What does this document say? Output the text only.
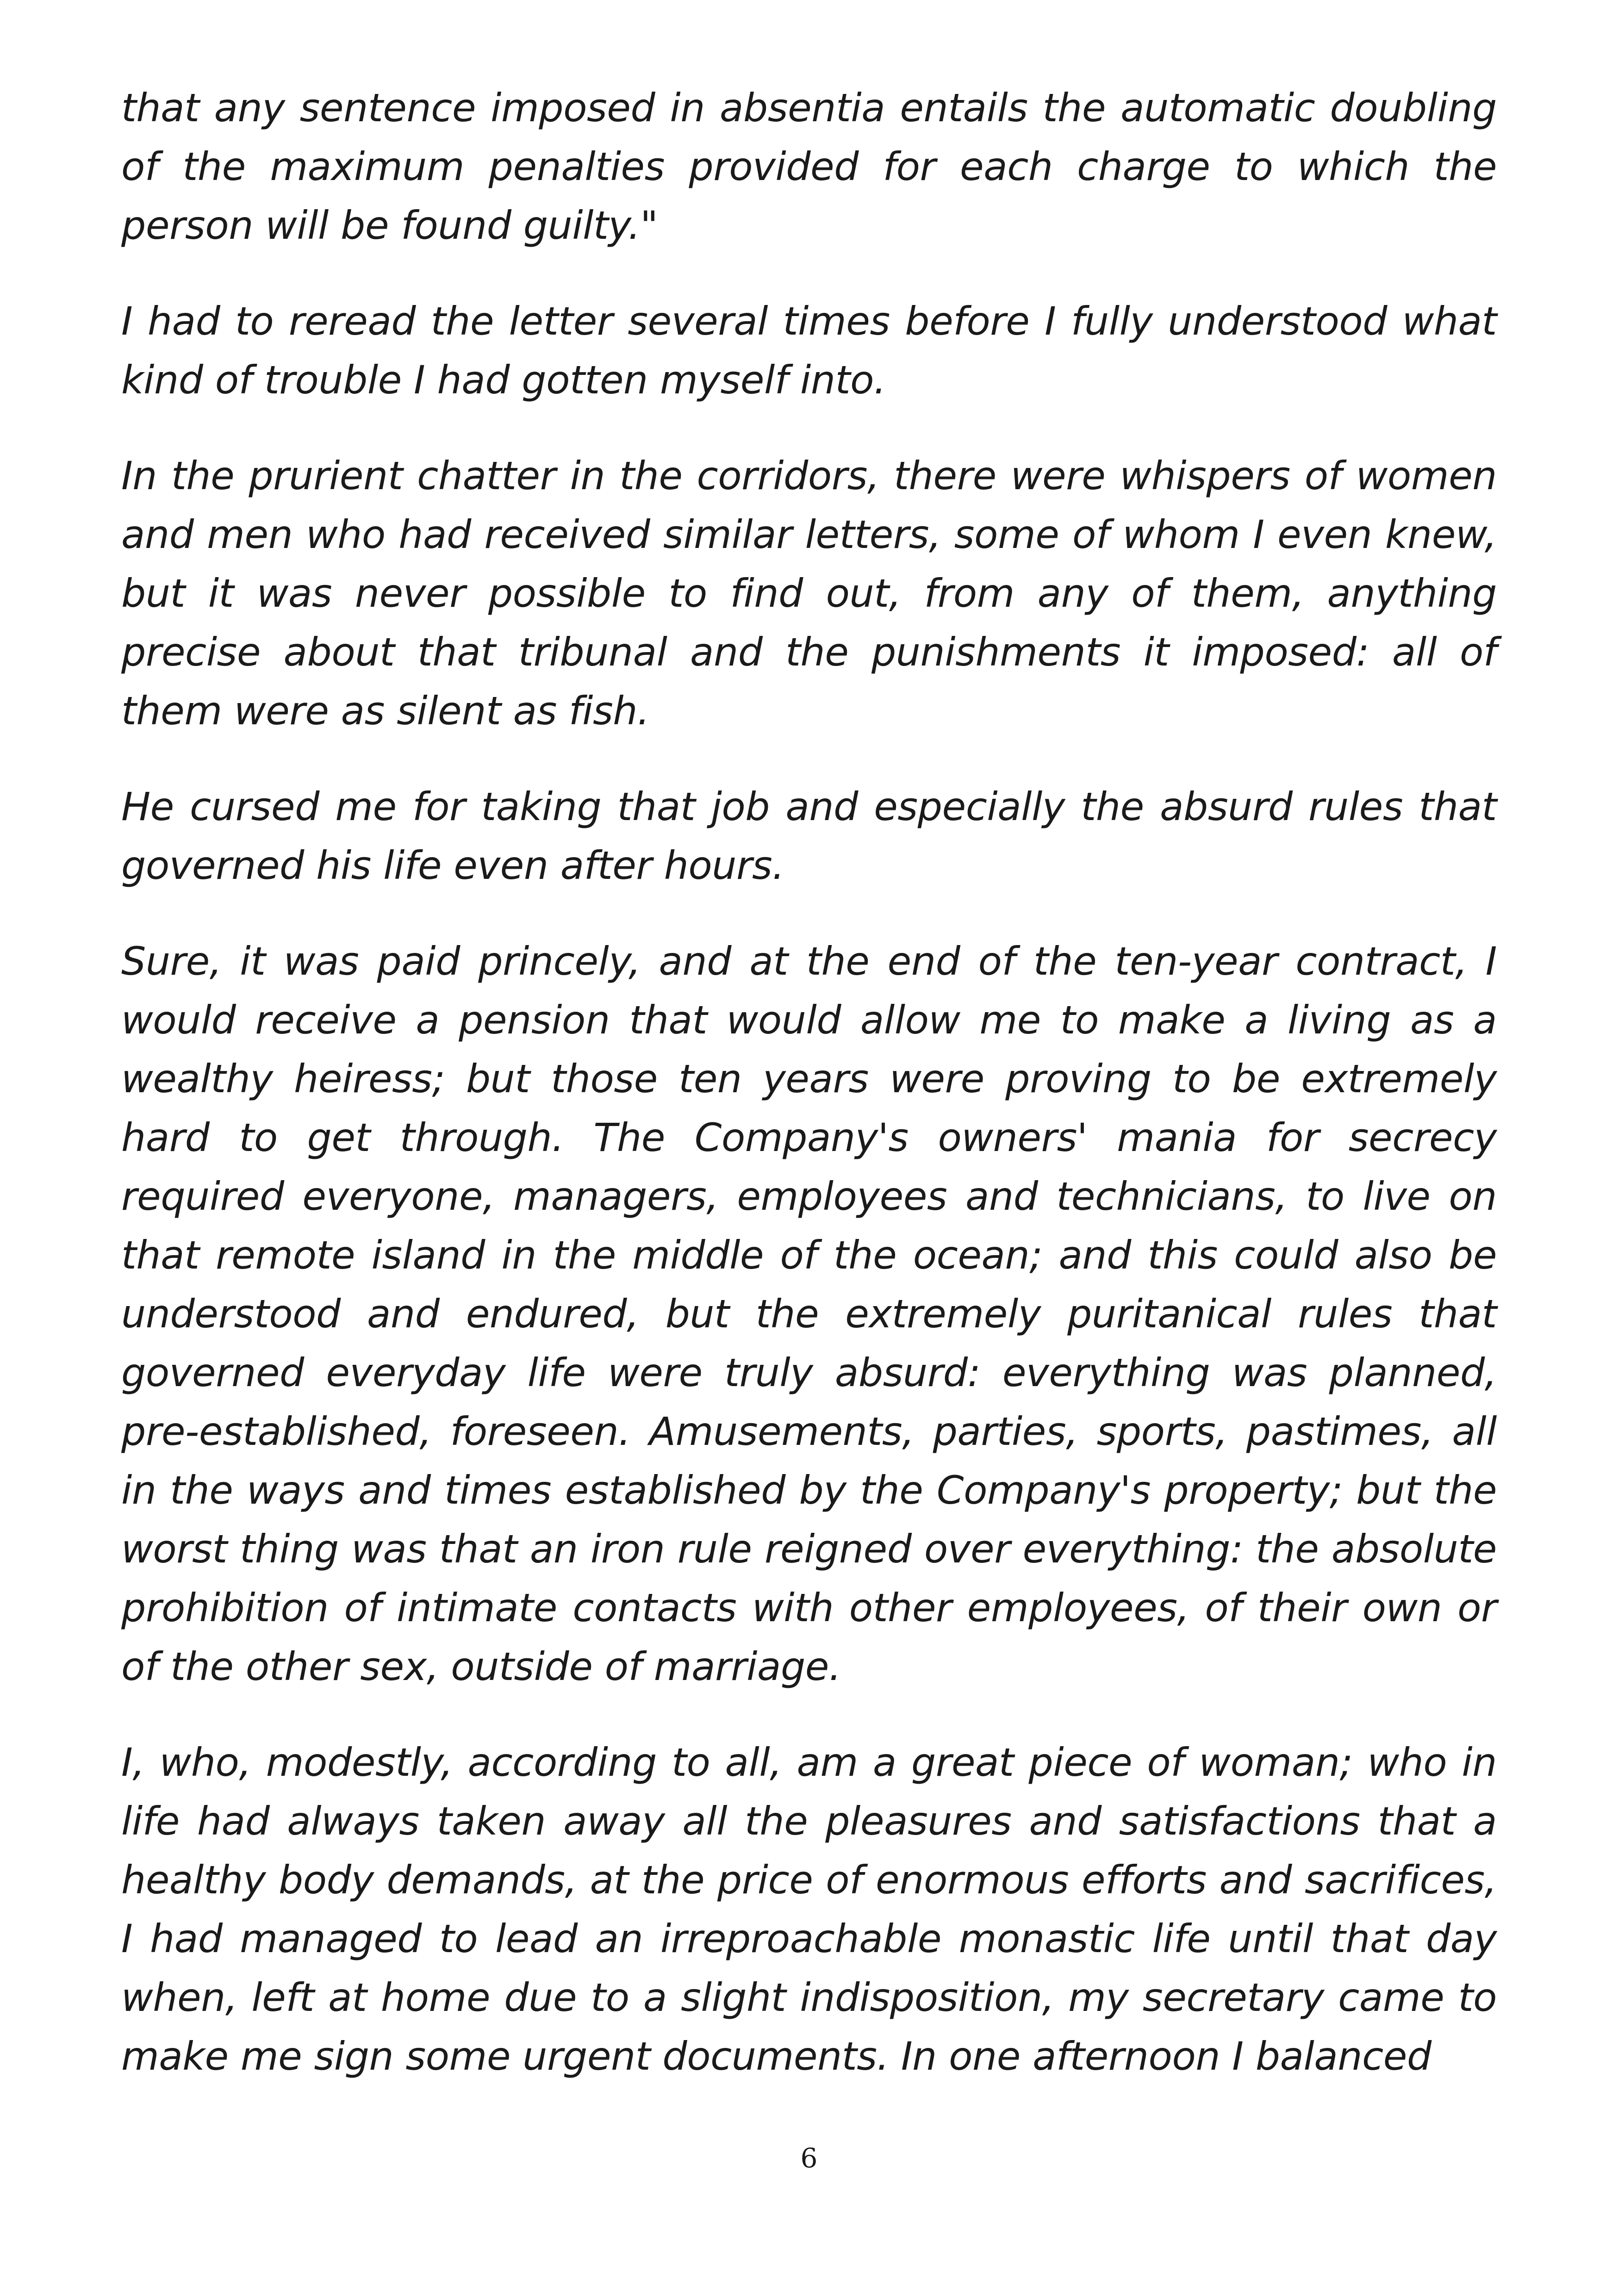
that any sentence imposed in absentia entails the automatic doubling of the maximum penalties provided for each charge to which the person will be found guilty."

I had to reread the letter several times before I fully understood what kind of trouble I had gotten myself into.

In the prurient chatter in the corridors, there were whispers of women and men who had received similar letters, some of whom I even knew, but it was never possible to find out, from any of them, anything precise about that tribunal and the punishments it imposed: all of them were as silent as fish.

He cursed me for taking that job and especially the absurd rules that governed his life even after hours.

Sure, it was paid princely, and at the end of the ten-year contract, I would receive a pension that would allow me to make a living as a wealthy heiress; but those ten years were proving to be extremely hard to get through. The Company's owners' mania for secrecy required everyone, managers, employees and technicians, to live on that remote island in the middle of the ocean; and this could also be understood and endured, but the extremely puritanical rules that governed everyday life were truly absurd: everything was planned, pre-established, foreseen. Amusements, parties, sports, pastimes, all in the ways and times established by the Company's property; but the worst thing was that an iron rule reigned over everything: the absolute prohibition of intimate contacts with other employees, of their own or of the other sex, outside of marriage.

I, who, modestly, according to all, am a great piece of woman; who in life had always taken away all the pleasures and satisfactions that a healthy body demands, at the price of enormous efforts and sacrifices, I had managed to lead an irreproachable monastic life until that day when, left at home due to a slight indisposition, my secretary came to make me sign some urgent documents. In one afternoon I balanced

6
